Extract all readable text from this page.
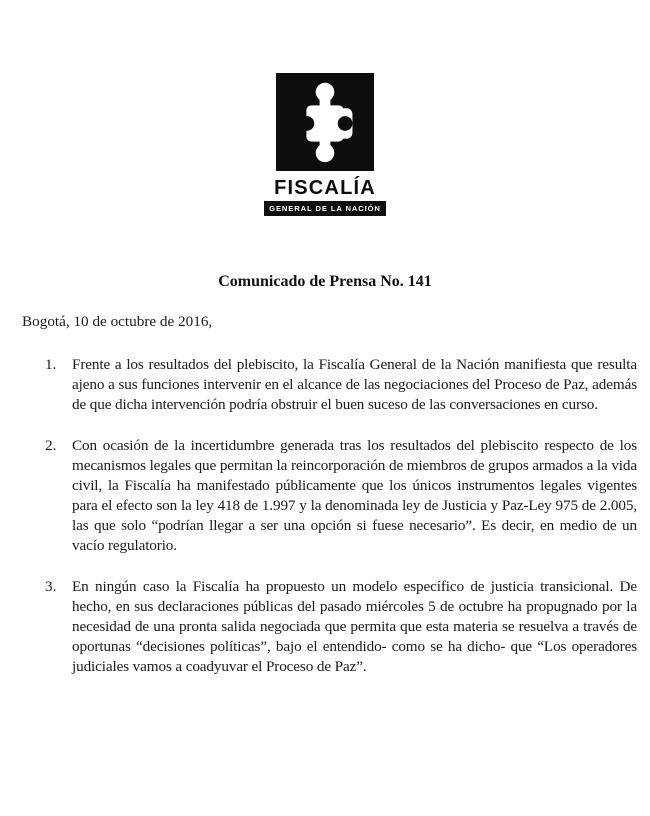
FISCALÍA
GENERAL DE LA NACIÓN
Comunicado de Prensa No. 141
Bogotá, 10 de octubre de 2016,
1.	Frente a los resultados del plebiscito, la Fiscalía General de la Nación manifiesta que resulta ajeno a sus funciones intervenir en el alcance de las negociaciones del Proceso de Paz, además de que dicha intervención podría obstruir el buen suceso de las conversaciones en curso.
2.	Con ocasión de la incertidumbre generada tras los resultados del plebiscito respecto de los mecanismos legales que permitan la reincorporación de miembros de grupos armados a la vida civil, la Fiscalía ha manifestado públicamente que los únicos instrumentos legales vigentes para el efecto son la ley 418 de 1.997 y la denominada ley de Justicia y Paz-Ley 975 de 2.005, las que solo “podrían llegar a ser una opción si fuese necesario”. Es decir, en medio de un vacío regulatorio.
3.	En ningún caso la Fiscalía ha propuesto un modelo específico de justicia transicional. De hecho, en sus declaraciones públicas del pasado miércoles 5 de octubre ha propugnado por la necesidad de una pronta salida negociada que permita que esta materia se resuelva a través de oportunas “decisiones políticas”, bajo el entendido- como se ha dicho- que “Los operadores judiciales vamos a coadyuvar el Proceso de Paz”.
